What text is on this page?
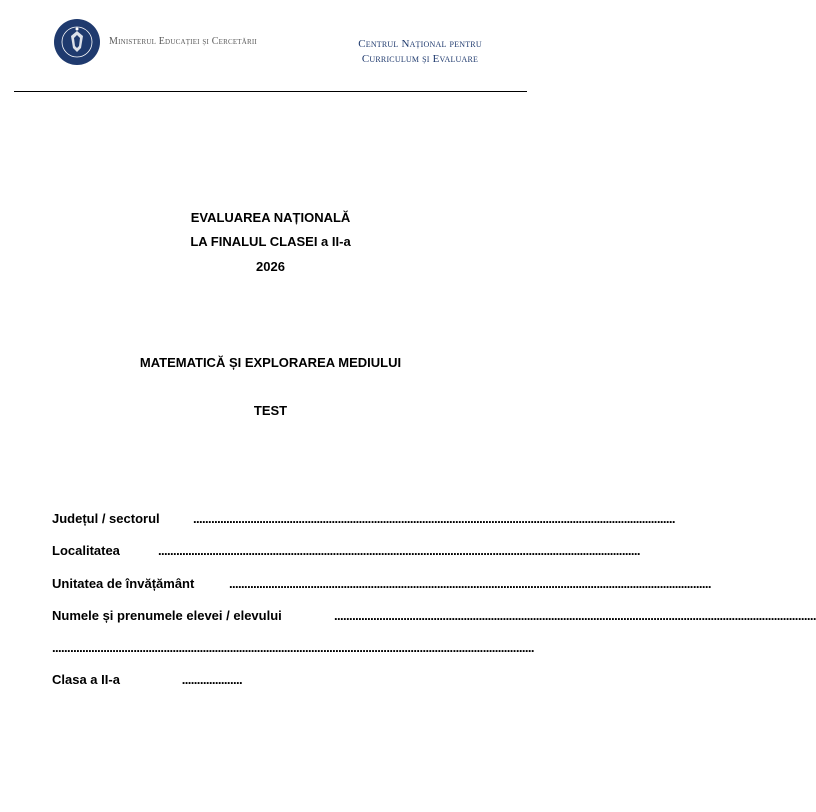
Ministerul Educației și Cercetării	Centrul Național pentru
Curriculum și Evaluare
EVALUAREA NAȚIONALĂ
LA FINALUL CLASEI a II-a
2026
MATEMATICĂ ȘI EXPLORAREA MEDIULUI
TEST
Județul / sectorul	................................................................................................................................................................
Localitatea	................................................................................................................................................................
Unitatea de învățământ	................................................................................................................................................................
Numele și prenumele elevei / elevului	................................................................................................................................................................
................................................................................................................................................................
Clasa a II-a	....................
